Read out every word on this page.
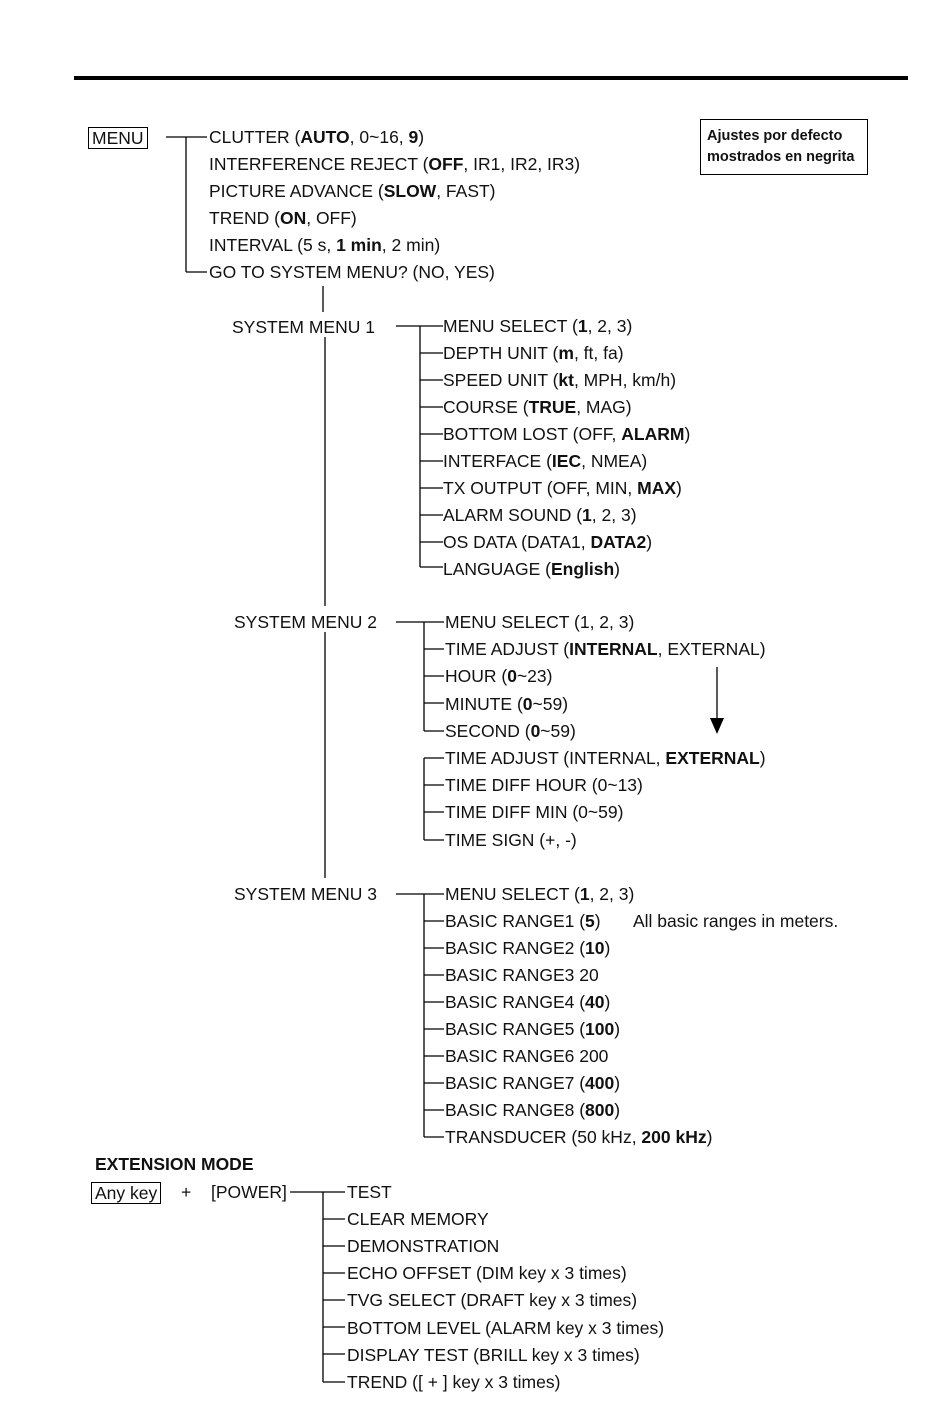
Ajustes por defecto
mostrados en negrita
MENU
SYSTEM MENU 1
SYSTEM MENU 2
SYSTEM MENU 3
All basic ranges in meters.
EXTENSION MODE
Any key + [POWER]
CLUTTER (AUTO, 0~16, 9)
INTERFERENCE REJECT (OFF, IR1, IR2, IR3)
PICTURE ADVANCE (SLOW, FAST)
TREND (ON, OFF)
INTERVAL (5 s, 1 min, 2 min)
GO TO SYSTEM MENU? (NO, YES)
MENU SELECT (1, 2, 3)
DEPTH UNIT (m, ft, fa)
SPEED UNIT (kt, MPH, km/h)
COURSE (TRUE, MAG)
BOTTOM LOST (OFF, ALARM)
INTERFACE (IEC, NMEA)
TX OUTPUT (OFF, MIN, MAX)
ALARM SOUND (1, 2, 3)
OS DATA (DATA1, DATA2)
LANGUAGE (English)
MENU SELECT (1, 2, 3)
TIME ADJUST (INTERNAL, EXTERNAL)
HOUR (0~23)
MINUTE (0~59)
SECOND (0~59)
TIME ADJUST (INTERNAL, EXTERNAL)
TIME DIFF HOUR (0~13)
TIME DIFF MIN (0~59)
TIME SIGN (+, -)
MENU SELECT (1, 2, 3)
BASIC RANGE1 (5)
BASIC RANGE2 (10)
BASIC RANGE3 20
BASIC RANGE4 (40)
BASIC RANGE5 (100)
BASIC RANGE6 200
BASIC RANGE7 (400)
BASIC RANGE8 (800)
TRANSDUCER (50 kHz, 200 kHz)
TEST
CLEAR MEMORY
DEMONSTRATION
ECHO OFFSET (DIM key x 3 times)
TVG SELECT (DRAFT key x 3 times)
BOTTOM LEVEL (ALARM key x 3 times)
DISPLAY TEST (BRILL key x 3 times)
TREND ([ + ] key x 3 times)
